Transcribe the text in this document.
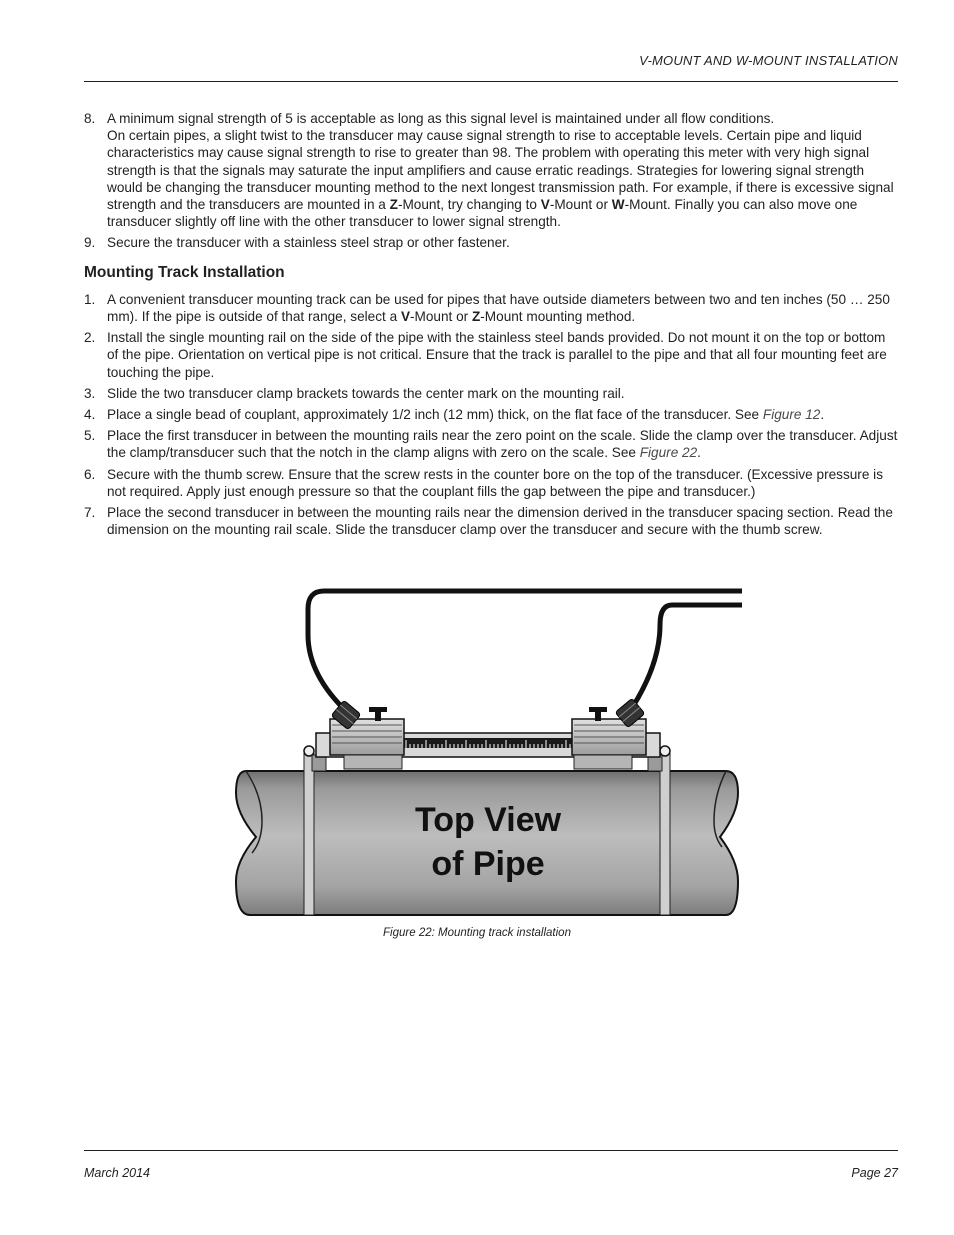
V-MOUNT AND W-MOUNT INSTALLATION
8. A minimum signal strength of 5 is acceptable as long as this signal level is maintained under all flow conditions.

On certain pipes, a slight twist to the transducer may cause signal strength to rise to acceptable levels. Certain pipe and liquid characteristics may cause signal strength to rise to greater than 98. The problem with operating this meter with very high signal strength is that the signals may saturate the input amplifiers and cause erratic readings. Strategies for lowering signal strength would be changing the transducer mounting method to the next longest transmission path. For example, if there is excessive signal strength and the transducers are mounted in a Z-Mount, try changing to V-Mount or W-Mount. Finally you can also move one transducer slightly off line with the other transducer to lower signal strength.

9. Secure the transducer with a stainless steel strap or other fastener.

Mounting Track Installation
1. A convenient transducer mounting track can be used for pipes that have outside diameters between two and ten inches (50 … 250 mm). If the pipe is outside of that range, select a V-Mount or Z-Mount mounting method.

2. Install the single mounting rail on the side of the pipe with the stainless steel bands provided. Do not mount it on the top or bottom of the pipe. Orientation on vertical pipe is not critical. Ensure that the track is parallel to the pipe and that all four mounting feet are touching the pipe.

3. Slide the two transducer clamp brackets towards the center mark on the mounting rail.

4. Place a single bead of couplant, approximately 1/2 inch (12 mm) thick, on the flat face of the transducer. See Figure 12.

5. Place the first transducer in between the mounting rails near the zero point on the scale. Slide the clamp over the transducer. Adjust the clamp/transducer such that the notch in the clamp aligns with zero on the scale. See Figure 22.

6. Secure with the thumb screw. Ensure that the screw rests in the counter bore on the top of the transducer. (Excessive pressure is not required. Apply just enough pressure so that the couplant fills the gap between the pipe and transducer.)

7. Place the second transducer in between the mounting rails near the dimension derived in the transducer spacing section. Read the dimension on the mounting rail scale. Slide the transducer clamp over the transducer and secure with the thumb screw.

Top View
of Pipe
Figure 22: Mounting track installation
March 2014	Page 27
